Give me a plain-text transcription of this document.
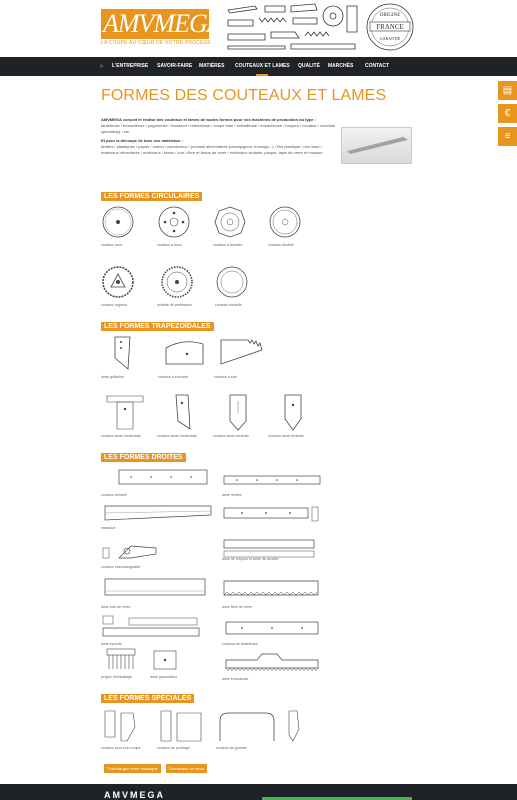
AMVMEGA
LA COUPE AU CŒUR DE VOTRE PROCESS
FRANCE
ORIGINE
GARANTIE
⌂ L'ENTREPRISE SAVOIR-FAIRE MATIÈRES COUTEAUX ET LAMES QUALITÉ MARCHÉS CONTACT
▤
€
≡
FORMES DES COUTEAUX ET LAMES

AMVMEGA conçoit et réalise des couteaux et lames de toutes formes pour vos machines de production du type :

fardeleuse / ensacheuse / pogoneuse / massicot / refendeuse / coupe tube / emballeuse / ensacheuse / broyeur / coudeur / machine spéciale(s) / etc.

Et pour la découpe de tous vos matériaux :

textiles / plastiques / papier / carton / caoutchouc / produits alimentaires (champignon, fromage...) / film plastique / non tissé / matériaux réfractaires / matériaux / tissus / cuir / fibre et tissus de verre / matériaux isolants, plaque, tapis de verre et mousse

LES FORMES CIRCULAIRES
couteau rond	couteau à trous	couteau à facettes	couteau dentelé
couteau rogneur	molette de perforation	couteau rondelle
LES FORMES TRAPÉZOÏDALES
lame guillotine	couteau à encoche	couteau à scie
couteau lame horizontale	couteau lame horizontale	couteau lame verticale	couteau lame verticale
LES FORMES DROITES
couteau dentelé	lame rivetée
massicot
couteau interchangeable
lame de broyeur et lame de coudée
lame scie de verre	lame fibre de verre
lame épointe	couteau de fardeleuse
peigne d'emballage	lame granulateur	lame émouleuse
LES FORMES SPÉCIALES
couteau pour coin-coupe	couteau de profilage	couteau de gomme
Téléchargez notre catalogue	Demandez un devis
AMVMEGA
